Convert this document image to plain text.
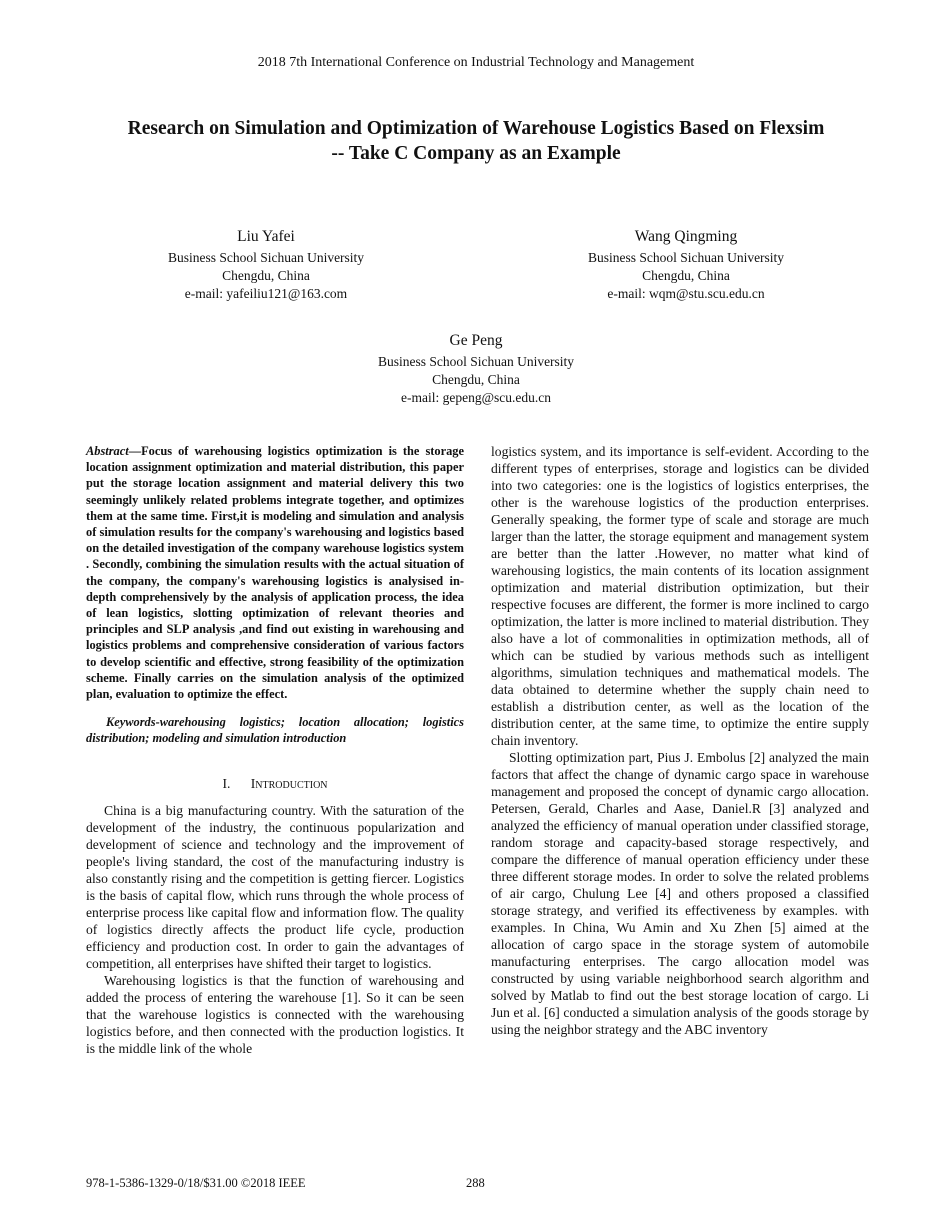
2018 7th International Conference on Industrial Technology and Management
Research on Simulation and Optimization of Warehouse Logistics Based on Flexsim
-- Take C Company as an Example
Liu Yafei
Business School Sichuan University
Chengdu, China
e-mail: yafeiliu121@163.com
Wang Qingming
Business School Sichuan University
Chengdu, China
e-mail: wqm@stu.scu.edu.cn
Ge Peng
Business School Sichuan University
Chengdu, China
e-mail: gepeng@scu.edu.cn

Abstract—Focus of warehousing logistics optimization is the storage location assignment optimization and material distribution, this paper put the storage location assignment and material delivery this two seemingly unlikely related problems integrate together, and optimizes them at the same time. First,it is modeling and simulation and analysis of simulation results for the company's warehousing and logistics based on the detailed investigation of the company warehouse logistics system . Secondly, combining the simulation results with the actual situation of the company, the company's warehousing logistics is analysised in-depth comprehensively by the analysis of application process, the idea of lean logistics, slotting optimization of relevant theories and principles and SLP analysis ,and find out existing in warehousing and logistics problems and comprehensive consideration of various factors to develop scientific and effective, strong feasibility of the optimization scheme. Finally carries on the simulation analysis of the optimized plan, evaluation to optimize the effect.

Keywords-warehousing logistics; location allocation; logistics distribution; modeling and simulation introduction

I. Introduction

China is a big manufacturing country. With the saturation of the development of the industry, the continuous popularization and development of science and technology and the improvement of people's living standard, the cost of the manufacturing industry is also constantly rising and the competition is getting fiercer. Logistics is the basis of capital flow, which runs through the whole process of enterprise process like capital flow and information flow. The quality of logistics directly affects the product life cycle, production efficiency and production cost. In order to gain the advantages of competition, all enterprises have shifted their target to logistics.

Warehousing logistics is that the function of warehousing and added the process of entering the warehouse [1]. So it can be seen that the warehouse logistics is connected with the warehousing logistics before, and then connected with the production logistics. It is the middle link of the whole

logistics system, and its importance is self-evident. According to the different types of enterprises, storage and logistics can be divided into two categories: one is the logistics of logistics enterprises, the other is the warehouse logistics of the production enterprises. Generally speaking, the former type of scale and storage are much larger than the latter, the storage equipment and management system are better than the latter .However, no matter what kind of warehousing logistics, the main contents of its location assignment optimization and material distribution optimization, but their respective focuses are different, the former is more inclined to cargo optimization, the latter is more inclined to material distribution. They also have a lot of commonalities in optimization methods, all of which can be studied by various methods such as intelligent algorithms, simulation techniques and mathematical models. The data obtained to determine whether the supply chain need to establish a distribution center, as well as the location of the distribution center, at the same time, to optimize the entire supply chain inventory.

Slotting optimization part, Pius J. Embolus [2] analyzed the main factors that affect the change of dynamic cargo space in warehouse management and proposed the concept of dynamic cargo allocation. Petersen, Gerald, Charles and Aase, Daniel.R [3] analyzed and analyzed the efficiency of manual operation under classified storage, random storage and capacity-based storage respectively, and compare the difference of manual operation efficiency under these three different storage modes. In order to solve the related problems of air cargo, Chulung Lee [4] and others proposed a classified storage strategy, and verified its effectiveness by examples. with examples. In China, Wu Amin and Xu Zhen [5] aimed at the allocation of cargo space in the storage system of automobile manufacturing enterprises. The cargo allocation model was constructed by using variable neighborhood search algorithm and solved by Matlab to find out the best storage location of cargo. Li Jun et al. [6] conducted a simulation analysis of the goods storage by using the neighbor strategy and the ABC inventory

978-1-5386-1329-0/18/$31.00 ©2018 IEEE	288
